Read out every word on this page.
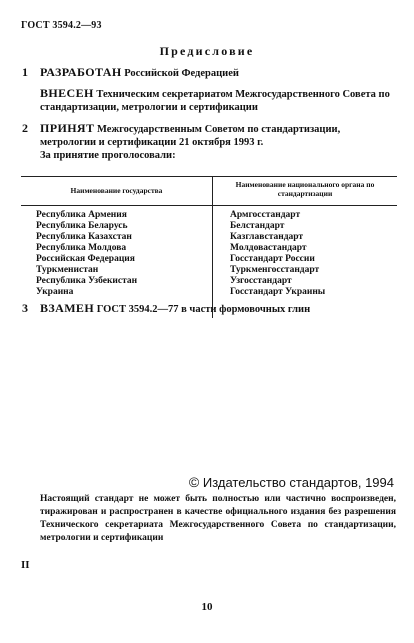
ГОСТ 3594.2—93
Предисловие
1 РАЗРАБОТАН Российской Федерацией
ВНЕСЕН Техническим секретариатом Межгосударственного Совета по стандартизации, метрологии и сертификации
2 ПРИНЯТ Межгосударственным Советом по стандартизации, метрологии и сертификации 21 октября 1993 г.
За принятие проголосовали:
Наименование государства
Наименование национального органа по стандартизации
Республика Армения	Армгосстандарт
Республика Беларусь	Белстандарт
Республика Казахстан	Казглавстандарт
Республика Молдова	Молдовастандарт
Российская Федерация	Госстандарт России
Туркменистан	Туркменгосстандарт
Республика Узбекистан	Узгосстандарт
Украина	Госстандарт Украины
3 ВЗАМЕН ГОСТ 3594.2—77 в части формовочных глин
© Издательство стандартов, 1994
Настоящий стандарт не может быть полностью или частично воспроизведен, тиражирован и распространен в качестве официального издания без разрешения Технического секретариата Межгосударственного Совета по стандартизации, метрологии и сертификации
II
10
